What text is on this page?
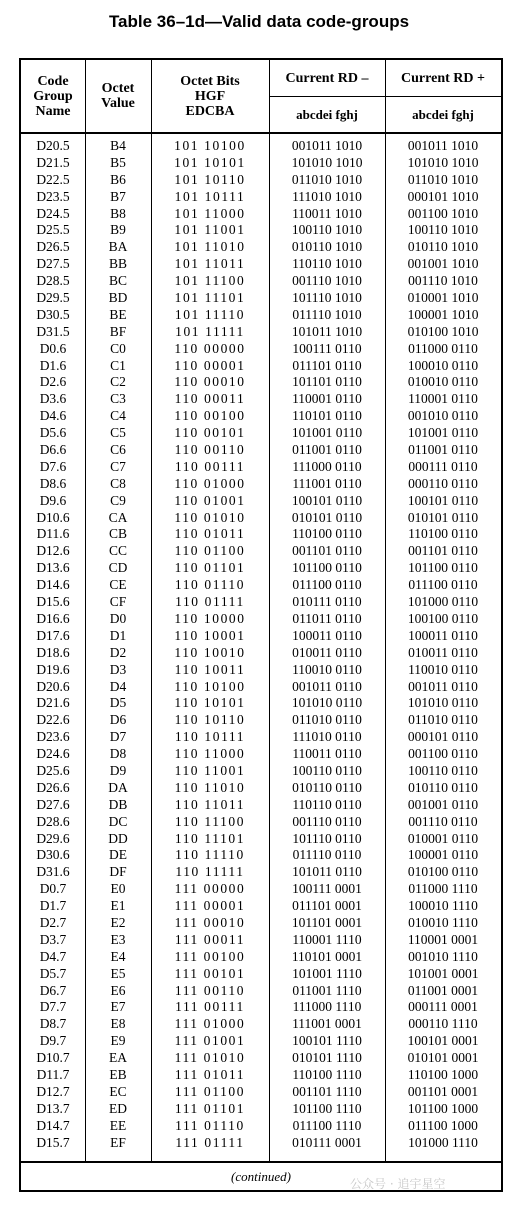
Table 36–1d—Valid data code-groups
Code Group Name
Octet Value
Octet Bits HGF EDCBA
Current RD –	Current RD +
abcdei fghj	abcdei fghj
D20.5	B4	101 10100	001011 1010	001011 1010
D21.5	B5	101 10101	101010 1010	101010 1010
D22.5	B6	101 10110	011010 1010	011010 1010
D23.5	B7	101 10111	111010 1010	000101 1010
D24.5	B8	101 11000	110011 1010	001100 1010
D25.5	B9	101 11001	100110 1010	100110 1010
D26.5	BA	101 11010	010110 1010	010110 1010
D27.5	BB	101 11011	110110 1010	001001 1010
D28.5	BC	101 11100	001110 1010	001110 1010
D29.5	BD	101 11101	101110 1010	010001 1010
D30.5	BE	101 11110	011110 1010	100001 1010
D31.5	BF	101 11111	101011 1010	010100 1010
D0.6	C0	110 00000	100111 0110	011000 0110
D1.6	C1	110 00001	011101 0110	100010 0110
D2.6	C2	110 00010	101101 0110	010010 0110
D3.6	C3	110 00011	110001 0110	110001 0110
D4.6	C4	110 00100	110101 0110	001010 0110
D5.6	C5	110 00101	101001 0110	101001 0110
D6.6	C6	110 00110	011001 0110	011001 0110
D7.6	C7	110 00111	111000 0110	000111 0110
D8.6	C8	110 01000	111001 0110	000110 0110
D9.6	C9	110 01001	100101 0110	100101 0110
D10.6	CA	110 01010	010101 0110	010101 0110
D11.6	CB	110 01011	110100 0110	110100 0110
D12.6	CC	110 01100	001101 0110	001101 0110
D13.6	CD	110 01101	101100 0110	101100 0110
D14.6	CE	110 01110	011100 0110	011100 0110
D15.6	CF	110 01111	010111 0110	101000 0110
D16.6	D0	110 10000	011011 0110	100100 0110
D17.6	D1	110 10001	100011 0110	100011 0110
D18.6	D2	110 10010	010011 0110	010011 0110
D19.6	D3	110 10011	110010 0110	110010 0110
D20.6	D4	110 10100	001011 0110	001011 0110
D21.6	D5	110 10101	101010 0110	101010 0110
D22.6	D6	110 10110	011010 0110	011010 0110
D23.6	D7	110 10111	111010 0110	000101 0110
D24.6	D8	110 11000	110011 0110	001100 0110
D25.6	D9	110 11001	100110 0110	100110 0110
D26.6	DA	110 11010	010110 0110	010110 0110
D27.6	DB	110 11011	110110 0110	001001 0110
D28.6	DC	110 11100	001110 0110	001110 0110
D29.6	DD	110 11101	101110 0110	010001 0110
D30.6	DE	110 11110	011110 0110	100001 0110
D31.6	DF	110 11111	101011 0110	010100 0110
D0.7	E0	111 00000	100111 0001	011000 1110
D1.7	E1	111 00001	011101 0001	100010 1110
D2.7	E2	111 00010	101101 0001	010010 1110
D3.7	E3	111 00011	110001 1110	110001 0001
D4.7	E4	111 00100	110101 0001	001010 1110
D5.7	E5	111 00101	101001 1110	101001 0001
D6.7	E6	111 00110	011001 1110	011001 0001
D7.7	E7	111 00111	111000 1110	000111 0001
D8.7	E8	111 01000	111001 0001	000110 1110
D9.7	E9	111 01001	100101 1110	100101 0001
D10.7	EA	111 01010	010101 1110	010101 0001
D11.7	EB	111 01011	110100 1110	110100 1000
D12.7	EC	111 01100	001101 1110	001101 0001
D13.7	ED	111 01101	101100 1110	101100 1000
D14.7	EE	111 01110	011100 1110	011100 1000
D15.7	EF	111 01111	010111 0001	101000 1110
(continued)	公众号 · 追宇星空
